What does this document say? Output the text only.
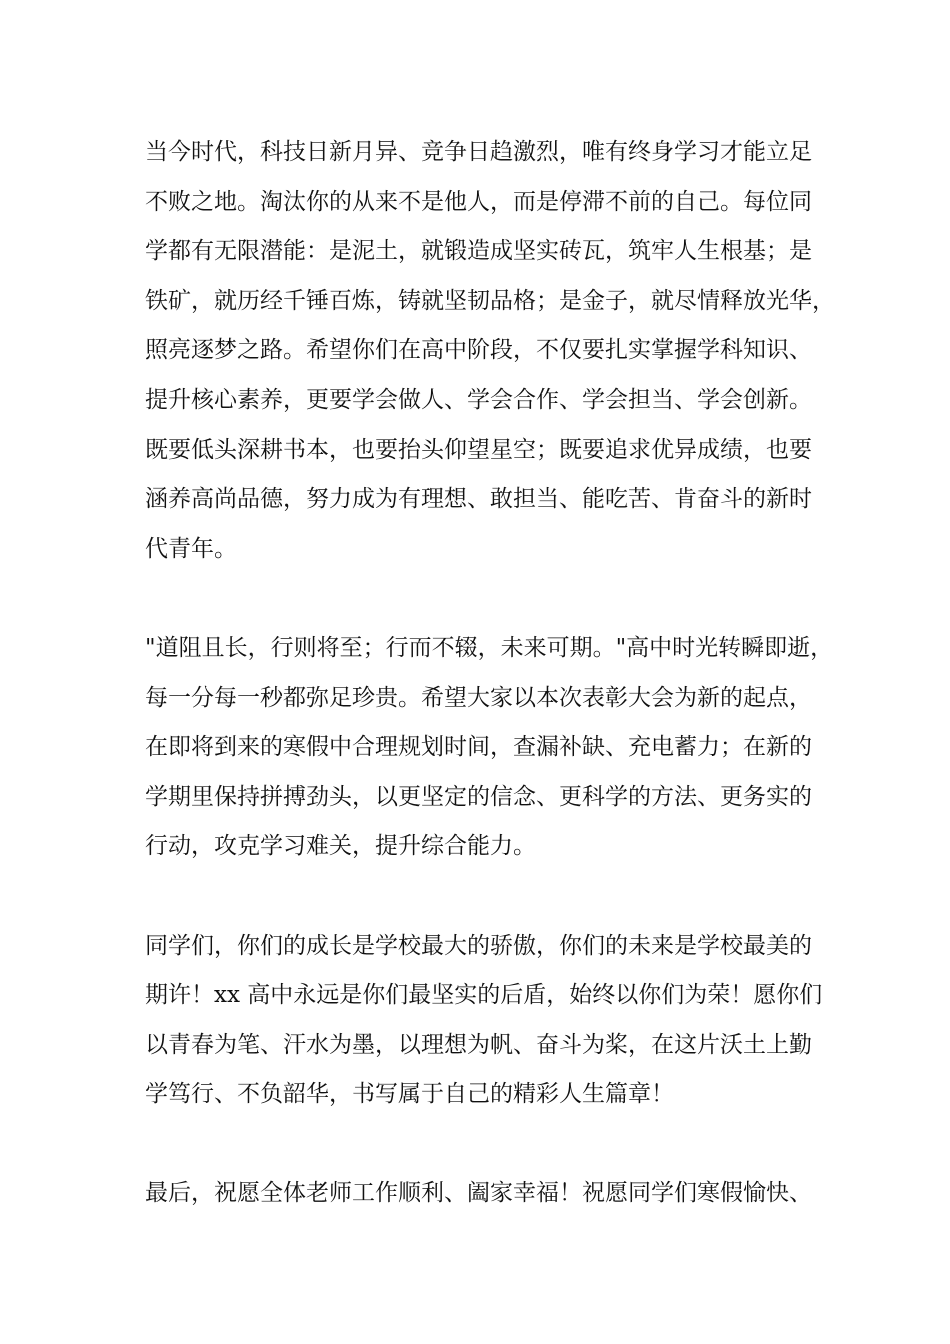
当今时代，科技日新月异、竞争日趋激烈，唯有终身学习才能立足
不败之地。淘汰你的从来不是他人，而是停滞不前的自己。每位同
学都有无限潜能：是泥土，就锻造成坚实砖瓦，筑牢人生根基；是
铁矿，就历经千锤百炼，铸就坚韧品格；是金子，就尽情释放光华，
照亮逐梦之路。希望你们在高中阶段，不仅要扎实掌握学科知识、
提升核心素养，更要学会做人、学会合作、学会担当、学会创新。
既要低头深耕书本，也要抬头仰望星空；既要追求优异成绩，也要
涵养高尚品德，努力成为有理想、敢担当、能吃苦、肯奋斗的新时
代青年。
"道阻且长，行则将至；行而不辍，未来可期。"高中时光转瞬即逝，
每一分每一秒都弥足珍贵。希望大家以本次表彰大会为新的起点，
在即将到来的寒假中合理规划时间，查漏补缺、充电蓄力；在新的
学期里保持拼搏劲头，以更坚定的信念、更科学的方法、更务实的
行动，攻克学习难关，提升综合能力。
同学们，你们的成长是学校最大的骄傲，你们的未来是学校最美的
期许！xx 高中永远是你们最坚实的后盾，始终以你们为荣！愿你们
以青春为笔、汗水为墨，以理想为帆、奋斗为桨，在这片沃土上勤
学笃行、不负韶华，书写属于自己的精彩人生篇章！
最后，祝愿全体老师工作顺利、阖家幸福！祝愿同学们寒假愉快、
